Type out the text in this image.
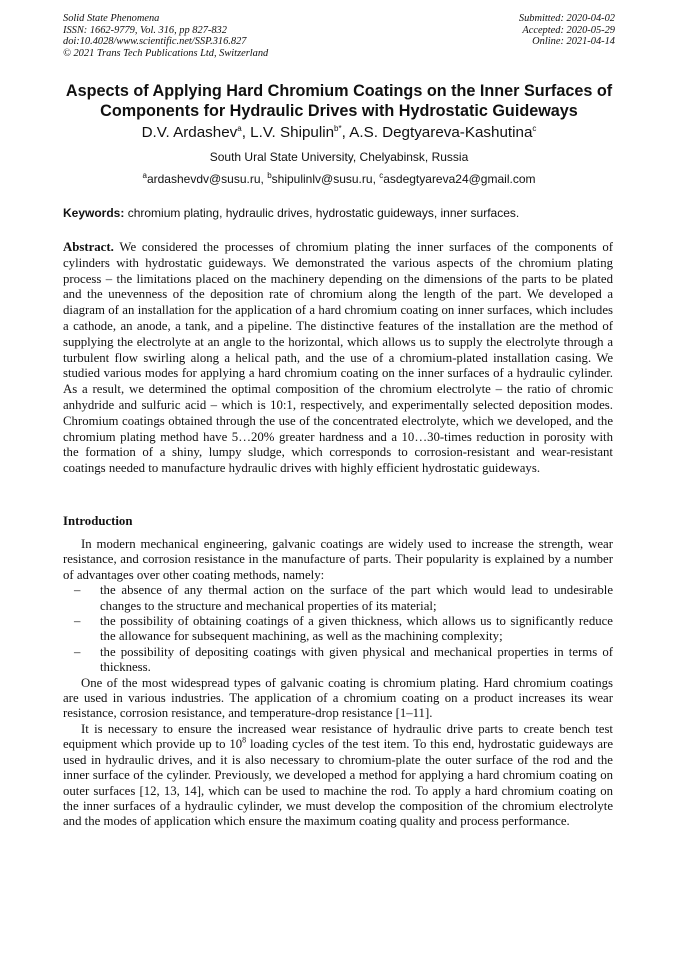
Solid State Phenomena
ISSN: 1662-9779, Vol. 316, pp 827-832
doi:10.4028/www.scientific.net/SSP.316.827
© 2021 Trans Tech Publications Ltd, Switzerland
Submitted: 2020-04-02
Accepted: 2020-05-29
Online: 2021-04-14
Aspects of Applying Hard Chromium Coatings on the Inner Surfaces of Components for Hydraulic Drives with Hydrostatic Guideways
D.V. Ardashev$^a$, L.V. Shipulin$^{b*}$, A.S. Degtyareva-Kashutina$^c$
South Ural State University, Chelyabinsk, Russia
$^a$ardashevdv@susu.ru, $^b$shipulinlv@susu.ru, $^c$asdegtyareva24@gmail.com
Keywords: chromium plating, hydraulic drives, hydrostatic guideways, inner surfaces.
Abstract. We considered the processes of chromium plating the inner surfaces of the components of cylinders with hydrostatic guideways. We demonstrated the various aspects of the chromium plating process – the limitations placed on the machinery depending on the dimensions of the parts to be plated and the unevenness of the deposition rate of chromium along the length of the part. We developed a diagram of an installation for the application of a hard chromium coating on inner surfaces, which includes a cathode, an anode, a tank, and a pipeline. The distinctive features of the installation are the method of supplying the electrolyte at an angle to the horizontal, which allows us to supply the electrolyte through a turbulent flow swirling along a helical path, and the use of a chromium-plated installation casing. We studied various modes for applying a hard chromium coating on the inner surfaces of a hydraulic cylinder. As a result, we determined the optimal composition of the chromium electrolyte – the ratio of chromic anhydride and sulfuric acid – which is 10:1, respectively, and experimentally selected deposition modes. Chromium coatings obtained through the use of the concentrated electrolyte, which we developed, and the chromium plating method have 5…20% greater hardness and a 10…30-times reduction in porosity with the formation of a shiny, lumpy sludge, which corresponds to corrosion-resistant and wear-resistant coatings needed to manufacture hydraulic drives with highly efficient hydrostatic guideways.
Introduction

In modern mechanical engineering, galvanic coatings are widely used to increase the strength, wear resistance, and corrosion resistance in the manufacture of parts. Their popularity is explained by a number of advantages over other coating methods, namely:

– the absence of any thermal action on the surface of the part which would lead to undesirable changes to the structure and mechanical properties of its material;
– the possibility of obtaining coatings of a given thickness, which allows us to significantly reduce the allowance for subsequent machining, as well as the machining complexity;
– the possibility of depositing coatings with given physical and mechanical properties in terms of thickness.

One of the most widespread types of galvanic coating is chromium plating. Hard chromium coatings are used in various industries. The application of a chromium coating on a product increases its wear resistance, corrosion resistance, and temperature-drop resistance [1–11].

It is necessary to ensure the increased wear resistance of hydraulic drive parts to create bench test equipment which provide up to $10^8$ loading cycles of the test item. To this end, hydrostatic guideways are used in hydraulic drives, and it is also necessary to chromium-plate the outer surface of the rod and the inner surface of the cylinder. Previously, we developed a method for applying a hard chromium coating on outer surfaces [12, 13, 14], which can be used to machine the rod. To apply a hard chromium coating on the inner surfaces of a hydraulic cylinder, we must develop the composition of the chromium electrolyte and the modes of application which ensure the maximum coating quality and process performance.
